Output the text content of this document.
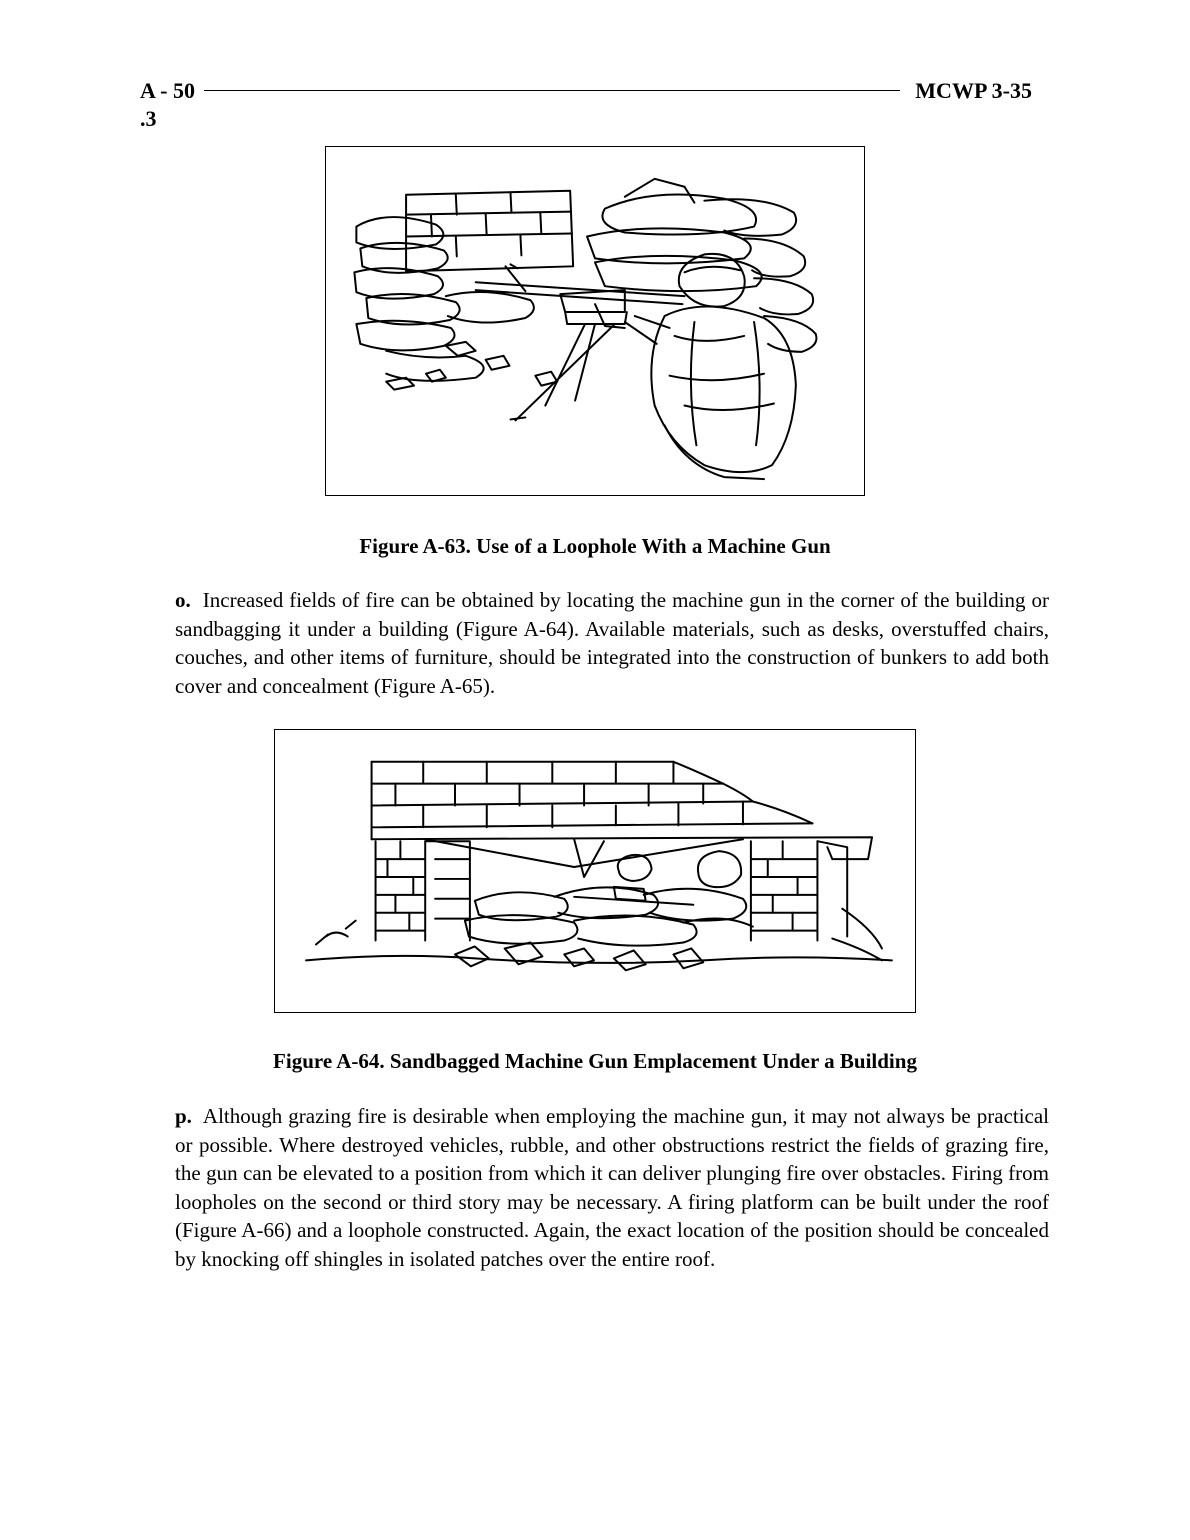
A - 50
.3
MCWP 3-35
Figure A-63. Use of a Loophole With a Machine Gun
o. Increased fields of fire can be obtained by locating the machine gun in the corner of the building or sandbagging it under a building (Figure A-64). Available materials, such as desks, overstuffed chairs, couches, and other items of furniture, should be integrated into the construction of bunkers to add both cover and concealment (Figure A-65).
Figure A-64. Sandbagged Machine Gun Emplacement Under a Building
p. Although grazing fire is desirable when employing the machine gun, it may not always be practical or possible. Where destroyed vehicles, rubble, and other obstructions restrict the fields of grazing fire, the gun can be elevated to a position from which it can deliver plunging fire over obstacles. Firing from loopholes on the second or third story may be necessary. A firing platform can be built under the roof (Figure A-66) and a loophole constructed. Again, the exact location of the position should be concealed by knocking off shingles in isolated patches over the entire roof.
